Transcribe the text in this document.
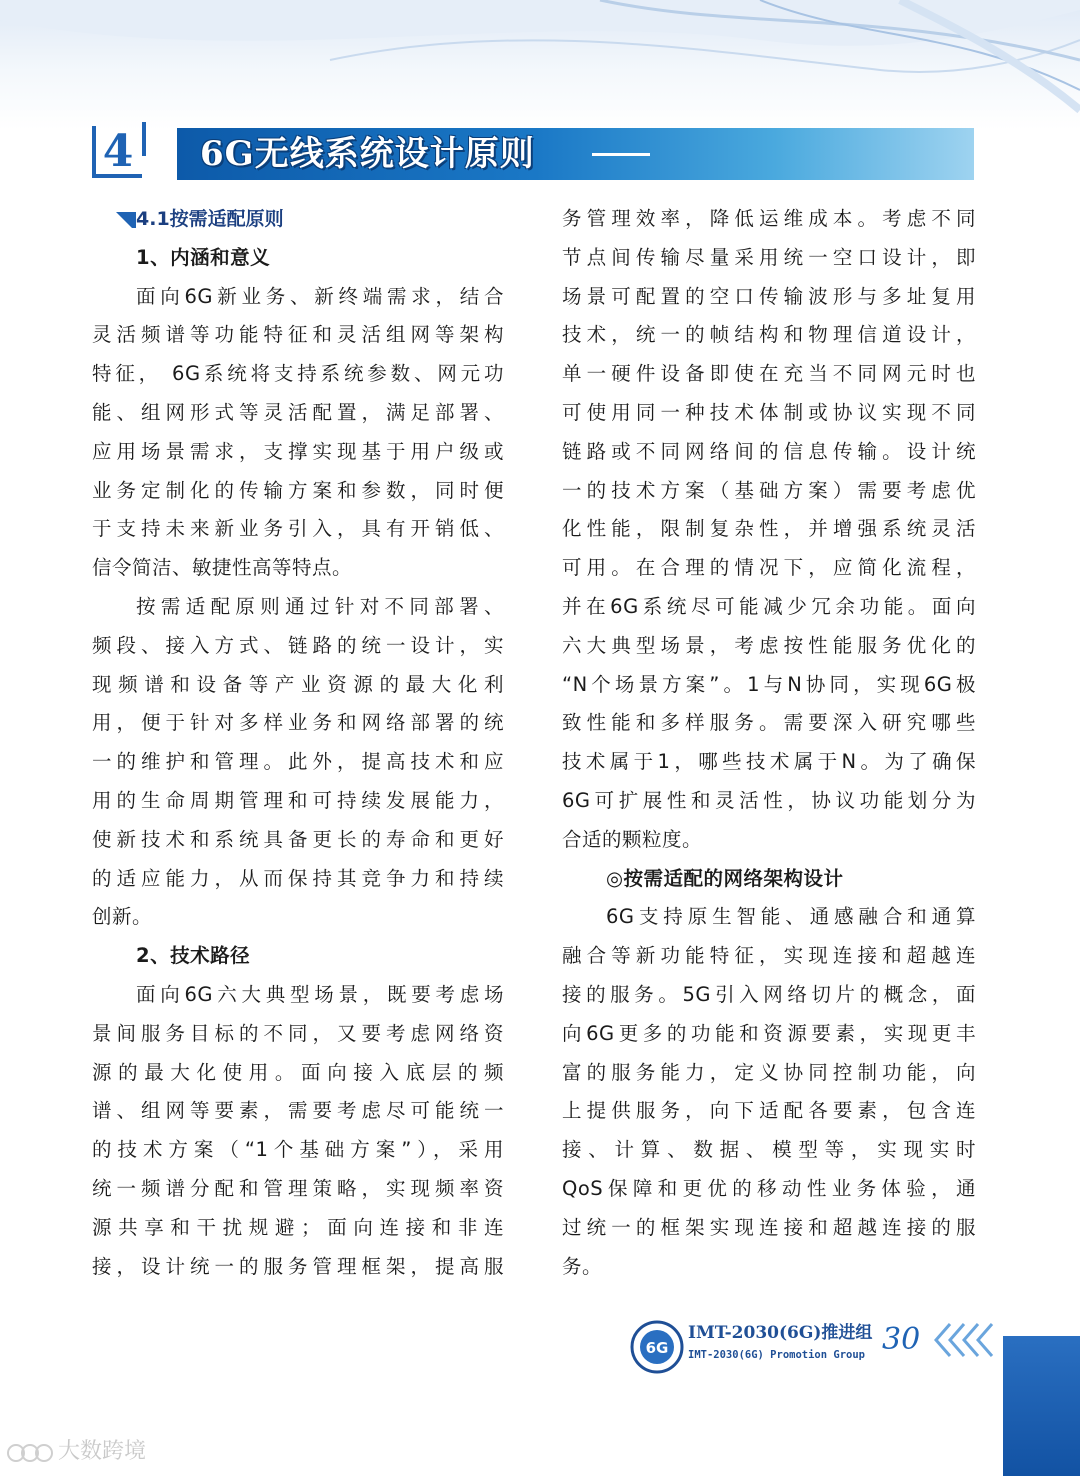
4 6G无线系统设计原则
4.1按需适配原则
1、内涵和意义
面向6G新业务、新终端需求，结合
灵活频谱等功能特征和灵活组网等架构
特征， 6G系统将支持系统参数、网元功
能、组网形式等灵活配置，满足部署、
应用场景需求，支撑实现基于用户级或
业务定制化的传输方案和参数，同时便
于支持未来新业务引入，具有开销低、
信令简洁、敏捷性高等特点。
按需适配原则通过针对不同部署、
频段、接入方式、链路的统一设计，实
现频谱和设备等产业资源的最大化利
用，便于针对多样业务和网络部署的统
一的维护和管理。此外，提高技术和应
用的生命周期管理和可持续发展能力，
使新技术和系统具备更长的寿命和更好
的适应能力，从而保持其竞争力和持续
创新。
2、技术路径
面向6G六大典型场景，既要考虑场
景间服务目标的不同，又要考虑网络资
源的最大化使用。面向接入底层的频
谱、组网等要素，需要考虑尽可能统一
的技术方案（“1个基础方案”），采用
统一频谱分配和管理策略，实现频率资
源共享和干扰规避；面向连接和非连
接，设计统一的服务管理框架，提高服
务管理效率，降低运维成本。考虑不同
节点间传输尽量采用统一空口设计，即
场景可配置的空口传输波形与多址复用
技术，统一的帧结构和物理信道设计，
单一硬件设备即使在充当不同网元时也
可使用同一种技术体制或协议实现不同
链路或不同网络间的信息传输。设计统
一的技术方案（基础方案）需要考虑优
化性能，限制复杂性，并增强系统灵活
可用。在合理的情况下，应简化流程，
并在6G系统尽可能减少冗余功能。面向
六大典型场景，考虑按性能服务优化的
“N个场景方案”。1与N协同，实现6G极
致性能和多样服务。需要深入研究哪些
技术属于1，哪些技术属于N。为了确保
6G可扩展性和灵活性，协议功能划分为
合适的颗粒度。
◎按需适配的网络架构设计
6G支持原生智能、通感融合和通算
融合等新功能特征，实现连接和超越连
接的服务。5G引入网络切片的概念，面
向6G更多的功能和资源要素，实现更丰
富的服务能力，定义协同控制功能，向
上提供服务，向下适配各要素，包含连
接、计算、数据、模型等，实现实时
QoS保障和更优的移动性业务体验，通
过统一的框架实现连接和超越连接的服
务。
6G
IMT-2030(6G)推进组
IMT-2030(6G) Promotion Group 30
大数跨境
